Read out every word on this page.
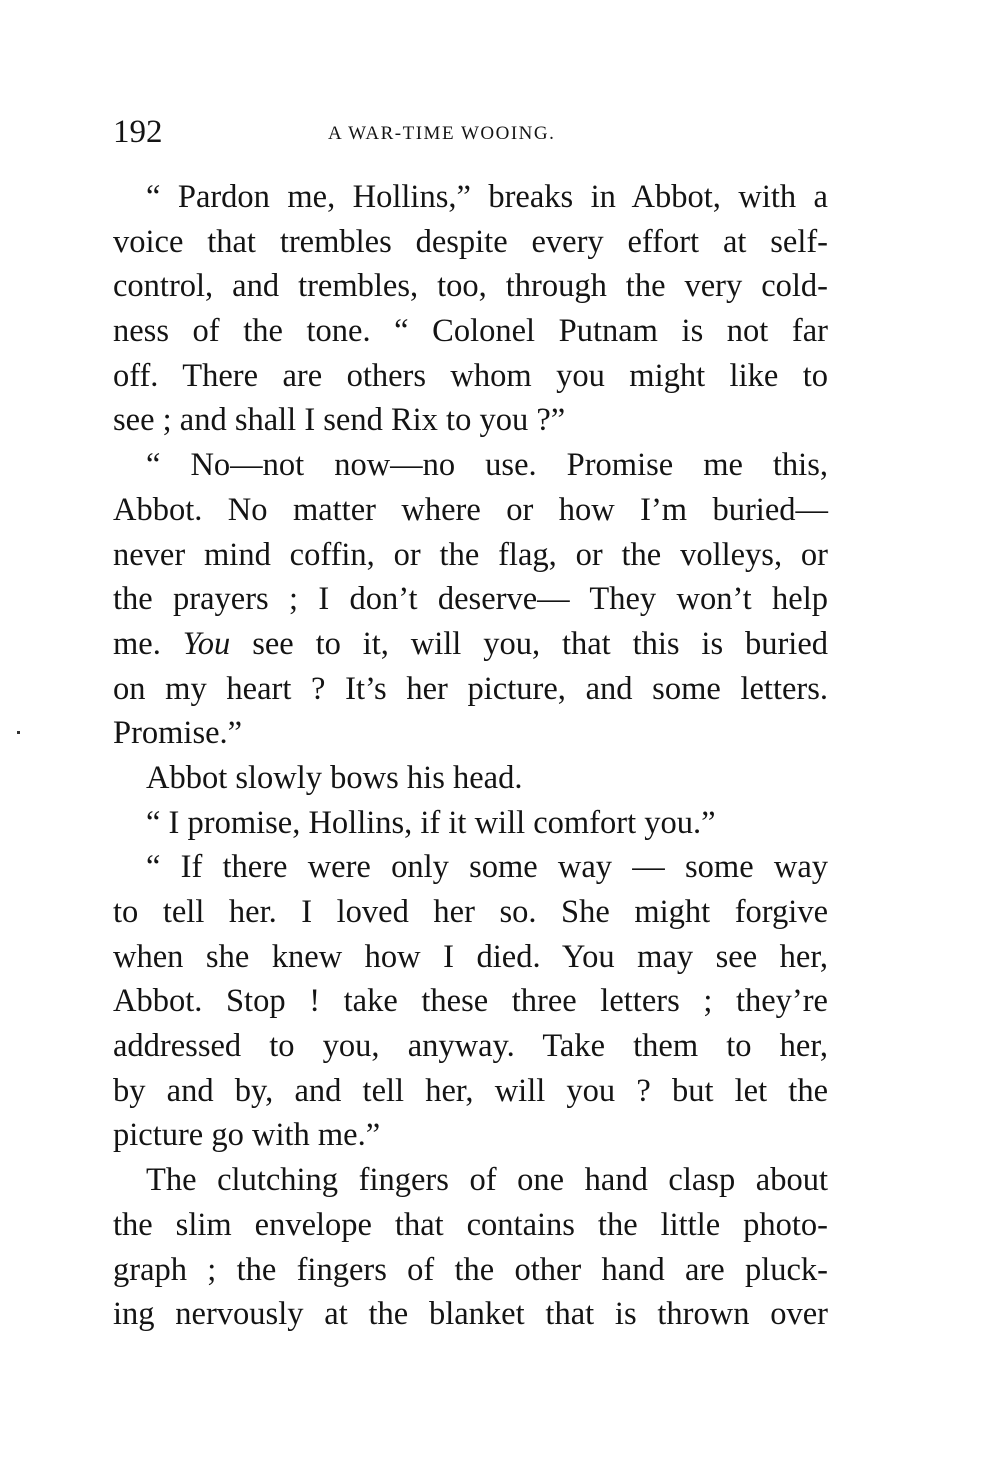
192	A WAR-TIME WOOING.
“ Pardon me, Hollins,” breaks in Abbot, with a
voice that trembles despite every effort at self-
control, and trembles, too, through the very cold-
ness of the tone. “ Colonel Putnam is not far
off. There are others whom you might like to
see ; and shall I send Rix to you ?”
“ No—not now—no use. Promise me this,
Abbot. No matter where or how I’m buried—
never mind coffin, or the flag, or the volleys, or
the prayers ; I don’t deserve— They won’t help
me. You see to it, will you, that this is buried
on my heart ? It’s her picture, and some letters.
Promise.”
Abbot slowly bows his head.
“ I promise, Hollins, if it will comfort you.”
“ If there were only some way — some way
to tell her. I loved her so. She might forgive
when she knew how I died. You may see her,
Abbot. Stop ! take these three letters ; they’re
addressed to you, anyway. Take them to her,
by and by, and tell her, will you ? but let the
picture go with me.”
The clutching fingers of one hand clasp about
the slim envelope that contains the little photo-
graph ; the fingers of the other hand are pluck-
ing nervously at the blanket that is thrown over
